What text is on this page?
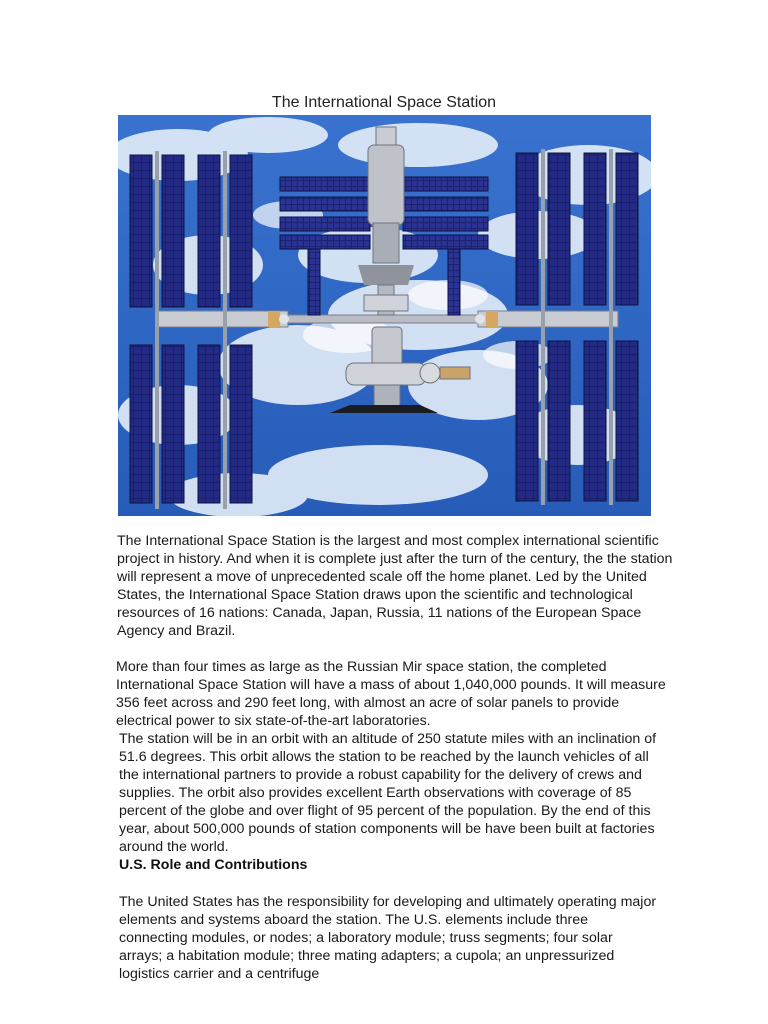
The International Space Station

The International Space Station is the largest and most complex international scientific project in history. And when it is complete just after the turn of the century, the the station will represent a move of unprecedented scale off the home planet. Led by the United States, the International Space Station draws upon the scientific and technological resources of 16 nations: Canada, Japan, Russia, 11 nations of the European Space Agency and Brazil.

More than four times as large as the Russian Mir space station, the completed International Space Station will have a mass of about 1,040,000 pounds. It will measure 356 feet across and 290 feet long, with almost an acre of solar panels to provide electrical power to six state-of-the-art laboratories.

The station will be in an orbit with an altitude of 250 statute miles with an inclination of 51.6 degrees. This orbit allows the station to be reached by the launch vehicles of all the international partners to provide a robust capability for the delivery of crews and supplies. The orbit also provides excellent Earth observations with coverage of 85 percent of the globe and over flight of 95 percent of the population. By the end of this year, about 500,000 pounds of station components will be have been built at factories around the world.

U.S. Role and Contributions

The United States has the responsibility for developing and ultimately operating major elements and systems aboard the station. The U.S. elements include three connecting modules, or nodes; a laboratory module; truss segments; four solar arrays; a habitation module; three mating adapters; a cupola; an unpressurized logistics carrier and a centrifuge
